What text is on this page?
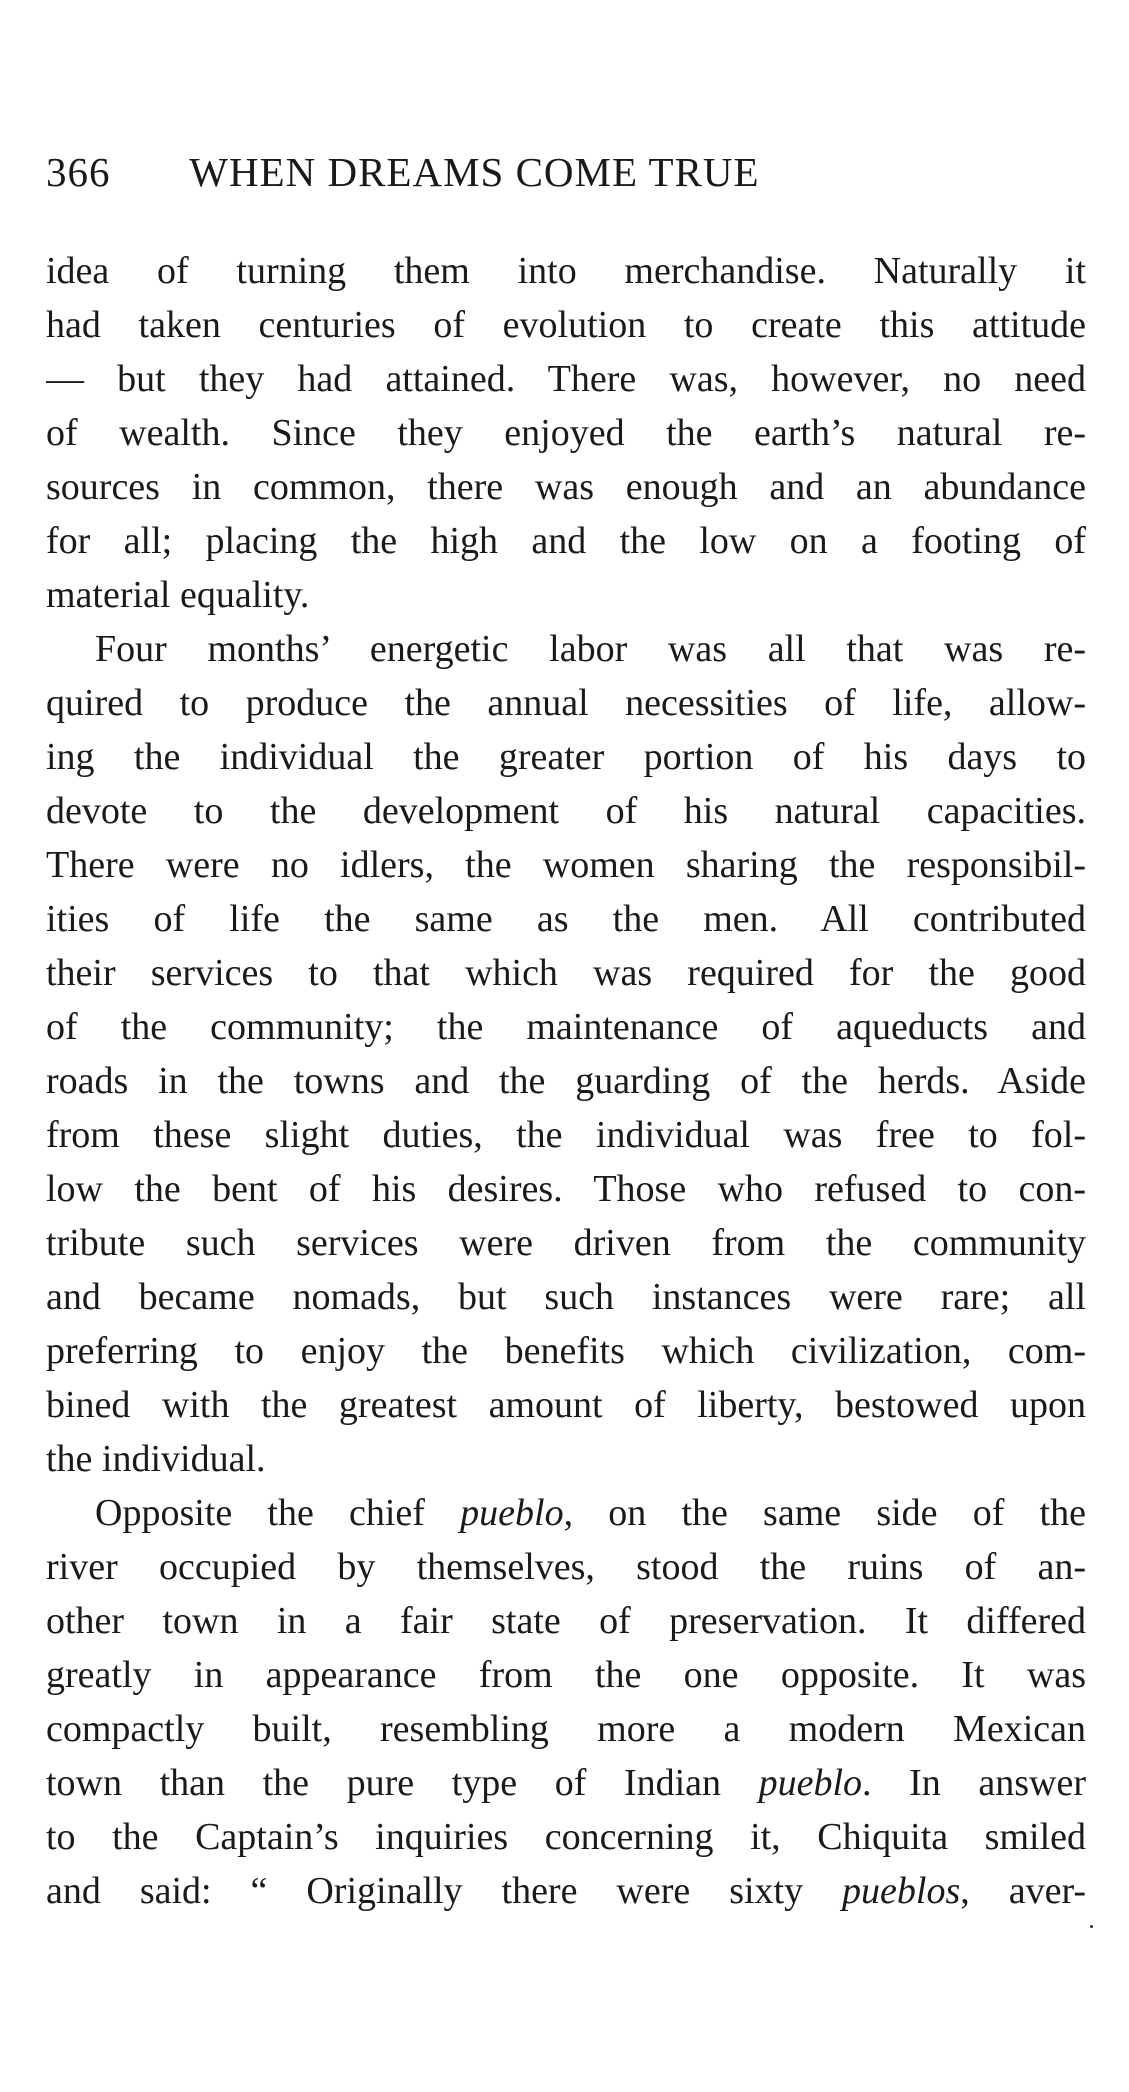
366 WHEN DREAMS COME TRUE
idea of turning them into merchandise. Naturally it
had taken centuries of evolution to create this attitude
— but they had attained. There was, however, no need
of wealth. Since they enjoyed the earth’s natural re-
sources in common, there was enough and an abundance
for all; placing the high and the low on a footing of
material equality.
Four months’ energetic labor was all that was re-
quired to produce the annual necessities of life, allow-
ing the individual the greater portion of his days to
devote to the development of his natural capacities.
There were no idlers, the women sharing the responsibil-
ities of life the same as the men. All contributed
their services to that which was required for the good
of the community; the maintenance of aqueducts and
roads in the towns and the guarding of the herds. Aside
from these slight duties, the individual was free to fol-
low the bent of his desires. Those who refused to con-
tribute such services were driven from the community
and became nomads, but such instances were rare; all
preferring to enjoy the benefits which civilization, com-
bined with the greatest amount of liberty, bestowed upon
the individual.
Opposite the chief pueblo, on the same side of the
river occupied by themselves, stood the ruins of an-
other town in a fair state of preservation. It differed
greatly in appearance from the one opposite. It was
compactly built, resembling more a modern Mexican
town than the pure type of Indian pueblo. In answer
to the Captain’s inquiries concerning it, Chiquita smiled
and said: “ Originally there were sixty pueblos, aver-
